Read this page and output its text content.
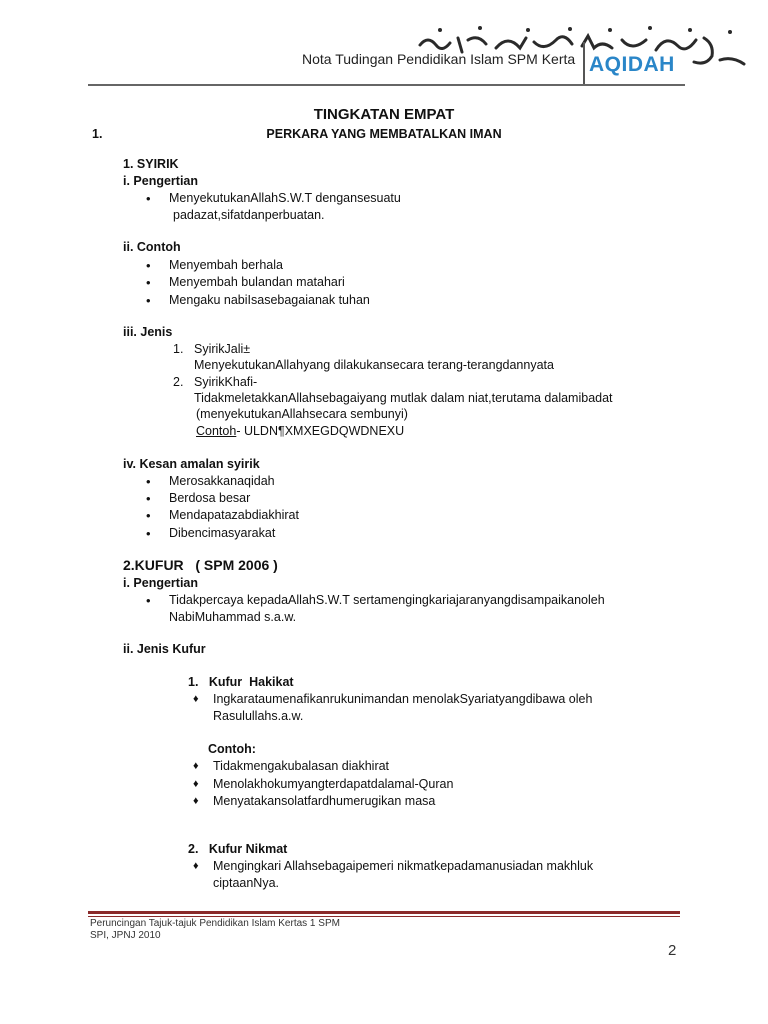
Nota Tudingan Pendidikan Islam SPM Kerta AQIDAH
TINGKATAN EMPAT
1.	PERKARA YANG MEMBATALKAN IMAN
1. SYIRIK
i. Pengertian
• MenyekutukanAllahS.W.T dengansesuatu
padazat,sifatdanperbuatan.
ii. Contoh
• Menyembah berhala
• Menyembah bulandan matahari
• Mengaku nabiIsasebagaianak tuhan
iii. Jenis
1. SyirikJali±
MenyekutukanAllahyang dilakukansecara terang-terangdannyata
2. SyirikKhafi-
TidakmeletakkanAllahsebagaiyang mutlak dalam niat,terutama dalamibadat
(menyekutukanAllahsecara sembunyi)
Contoh- ULDN¶XMXEGDQWDNEXU
iv. Kesan amalan syirik
• Merosakkanaqidah
• Berdosa besar
• Mendapatazabdiakhirat
• Dibencimasyarakat
2.KUFUR   ( SPM 2006 )
i. Pengertian
• Tidakpercaya kepadaAllahS.W.T sertamengingkariajaranyangdisampaikanoleh
NabiMuhammad s.a.w.
ii. Jenis Kufur
1.   Kufur  Hakikat
♦ Ingkarataumenafikanrukunimandan menolakSyariatyangdibawa oleh
Rasulullahs.a.w.
Contoh:
♦ Tidakmengakubalasan diakhirat
♦ Menolakhokumyangterdapatdalamal-Quran
♦ Menyatakansolatfardhumerugikan masa
2.   Kufur Nikmat
♦ Mengingkari Allahsebagaipemeri nikmatkepadamanusiadan makhluk
ciptaanNya.
Peruncingan Tajuk-tajuk Pendidikan Islam Kertas 1 SPM
SPI, JPNJ 2010
2
